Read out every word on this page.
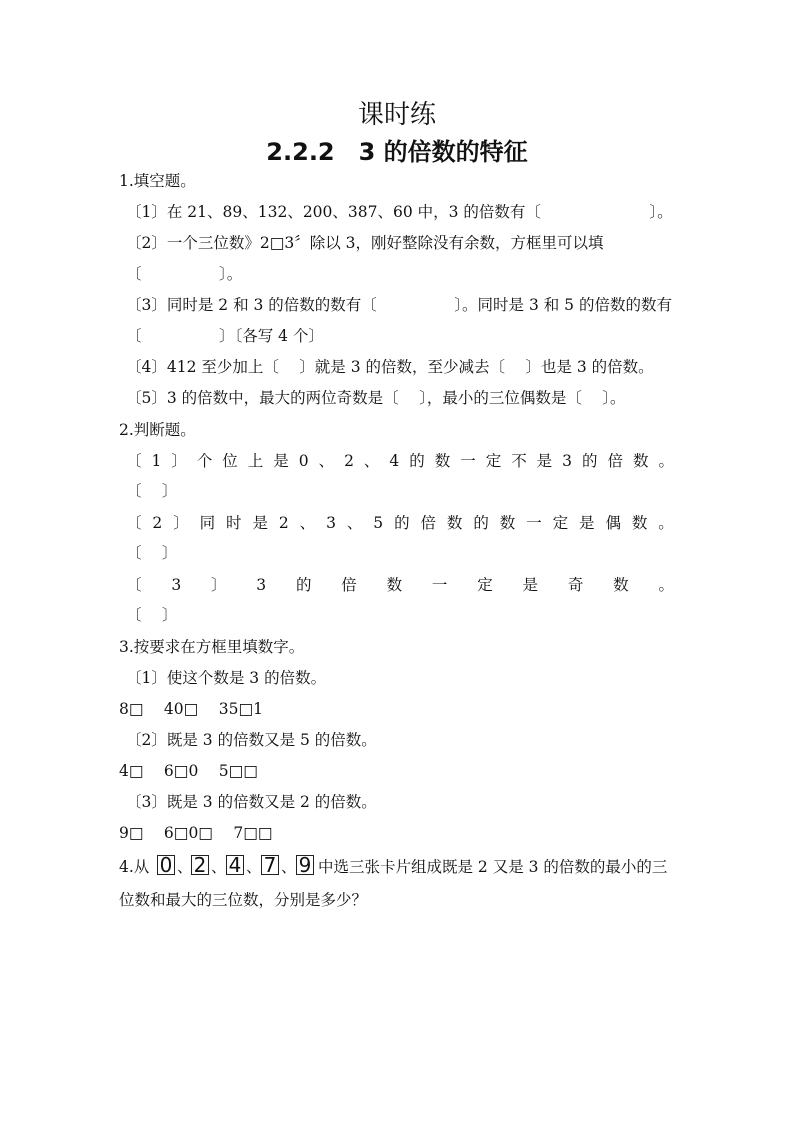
课时练
2.2.2　3 的倍数的特征
1.填空题。
〔1〕在 21、89、132、200、387、60 中，3 的倍数有〔　　　　　　　〕。
〔2〕一个三位数》2□3〞除以 3，刚好整除没有余数，方框里可以填
〔　　　　　〕。
〔3〕同时是 2 和 3 的倍数的数有〔　　　　　〕。同时是 3 和 5 的倍数的数有
〔　　　　　〕〔各写 4 个〕
〔4〕412 至少加上〔　 〕就是 3 的倍数，至少减去〔　 〕也是 3 的倍数。
〔5〕3 的倍数中，最大的两位奇数是〔　 〕，最小的三位偶数是〔　 〕。
2.判断题。
〔 1 〕 个 位 上 是 0 、 2 、 4 的 数 一 定 不 是 3 的 倍 数 。
〔　 〕
〔 2 〕 同 时 是 2 、 3 、 5 的 倍 数 的 数 一 定 是 偶 数 。
〔　 〕
〔 3 〕 3 的 倍 数 一 定 是 奇 数 。
〔　 〕
3.按要求在方框里填数字。
〔1〕使这个数是 3 的倍数。
8□　 40□　 35□1
〔2〕既是 3 的倍数又是 5 的倍数。
4□　 6□0　 5□□
〔3〕既是 3 的倍数又是 2 的倍数。
9□　 6□0□　 7□□
4.从 0 、 2 、 4 、 7 、 9 中选三张卡片组成既是 2 又是 3 的倍数的最小的三
位数和最大的三位数，分别是多少？
